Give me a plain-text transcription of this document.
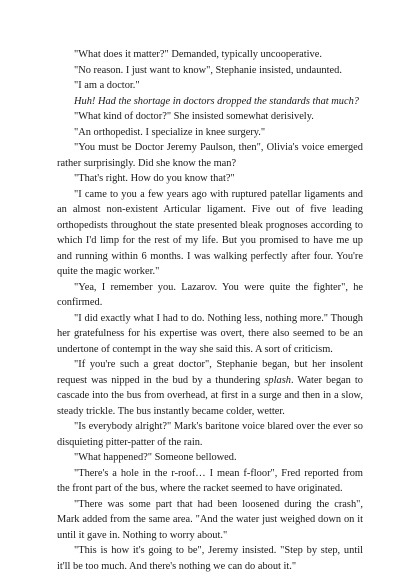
"What does it matter?" Demanded, typically uncooperative.

"No reason. I just want to know", Stephanie insisted, undaunted.

"I am a doctor."

Huh! Had the shortage in doctors dropped the standards that much?

"What kind of doctor?" She insisted somewhat derisively.

"An orthopedist. I specialize in knee surgery."

"You must be Doctor Jeremy Paulson, then", Olivia's voice emerged rather surprisingly. Did she know the man?

"That's right. How do you know that?"

"I came to you a few years ago with ruptured patellar ligaments and an almost non-existent Articular ligament. Five out of five leading orthopedists throughout the state presented bleak prognoses according to which I'd limp for the rest of my life. But you promised to have me up and running within 6 months. I was walking perfectly after four. You're quite the magic worker."

"Yea, I remember you. Lazarov. You were quite the fighter", he confirmed.

"I did exactly what I had to do. Nothing less, nothing more." Though her gratefulness for his expertise was overt, there also seemed to be an undertone of contempt in the way she said this. A sort of criticism.

"If you're such a great doctor", Stephanie began, but her insolent request was nipped in the bud by a thundering splash. Water began to cascade into the bus from overhead, at first in a surge and then in a slow, steady trickle. The bus instantly became colder, wetter.

"Is everybody alright?" Mark's baritone voice blared over the ever so disquieting pitter-patter of the rain.

"What happened?" Someone bellowed.

"There's a hole in the r-roof… I mean f-floor", Fred reported from the front part of the bus, where the racket seemed to have originated.

"There was some part that had been loosened during the crash", Mark added from the same area. "And the water just weighed down on it until it gave in. Nothing to worry about."

"This is how it's going to be", Jeremy insisted. "Step by step, until it'll be too much. And there's nothing we can do about it."
